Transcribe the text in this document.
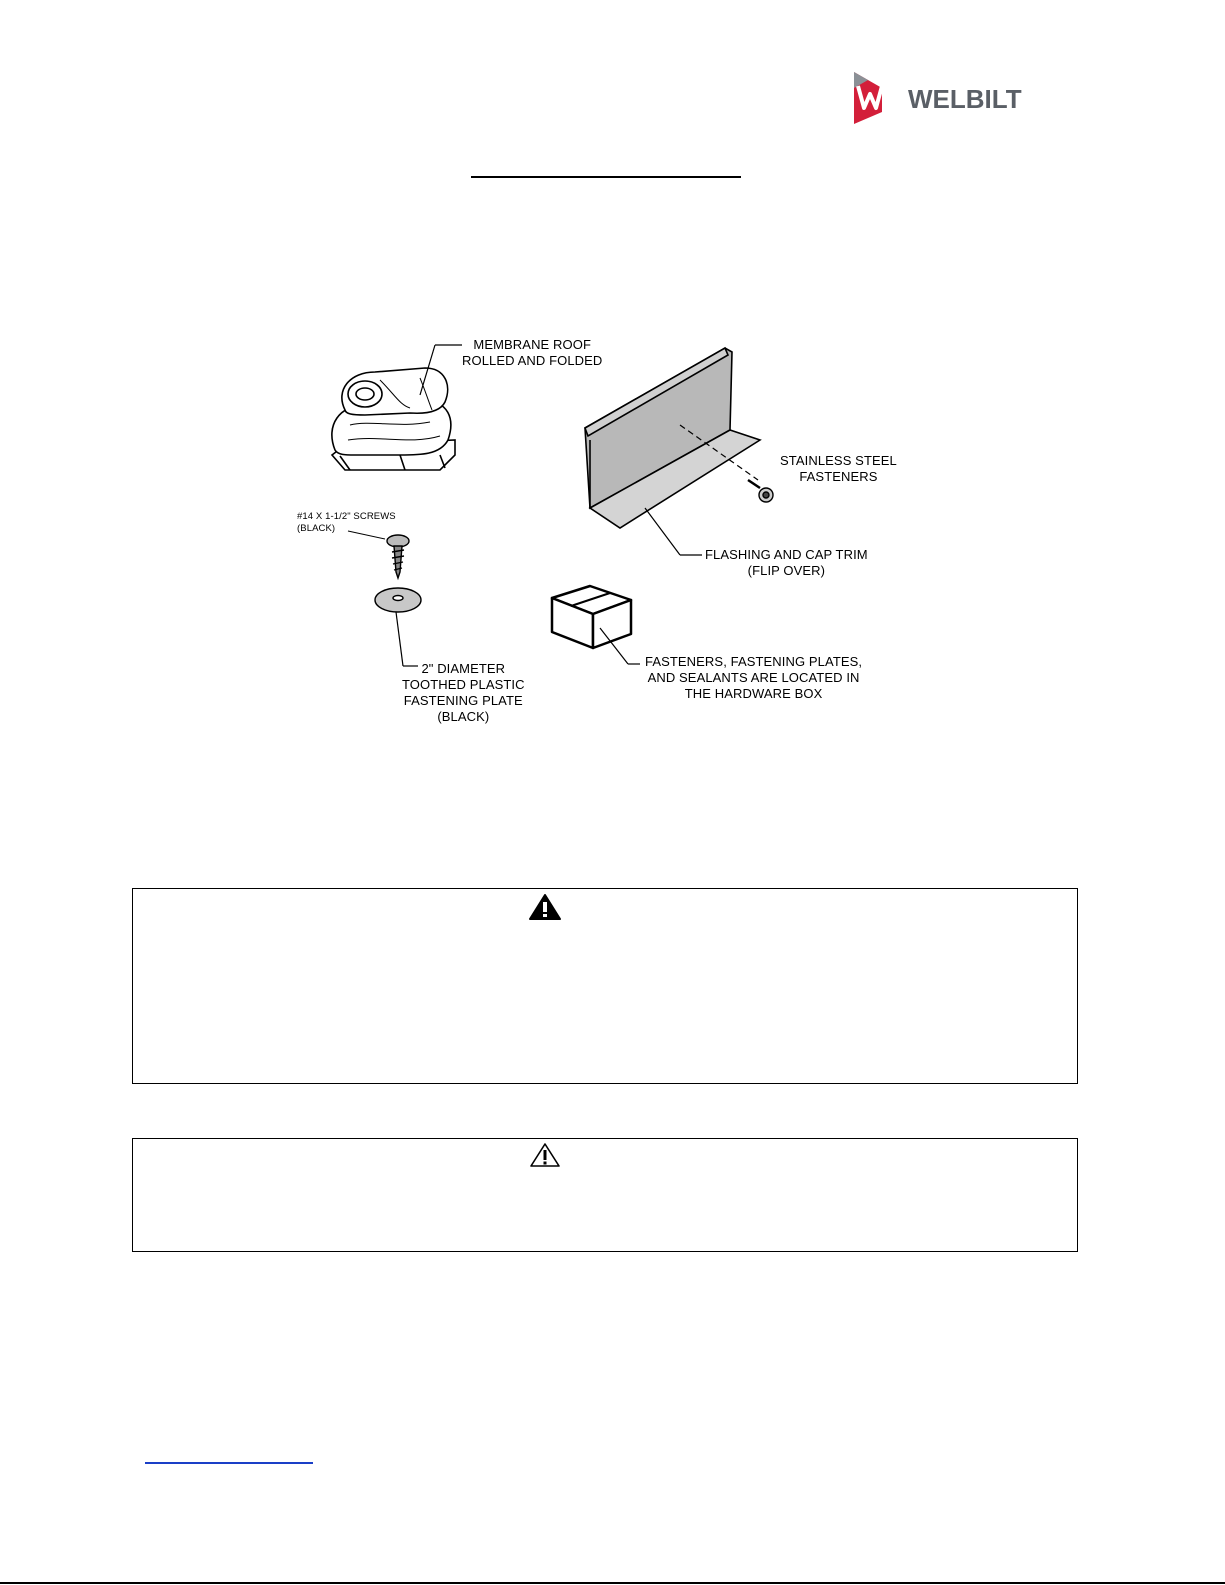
WELBILT
MEMBRANE ROOF
ROLLED AND FOLDED
STAINLESS STEEL
FASTENERS
#14 X 1-1/2" SCREWS
(BLACK)
FLASHING AND CAP TRIM
(FLIP OVER)
2" DIAMETER
TOOTHED PLASTIC
FASTENING PLATE
(BLACK)
FASTENERS, FASTENING PLATES,
AND SEALANTS ARE LOCATED IN
THE HARDWARE BOX
